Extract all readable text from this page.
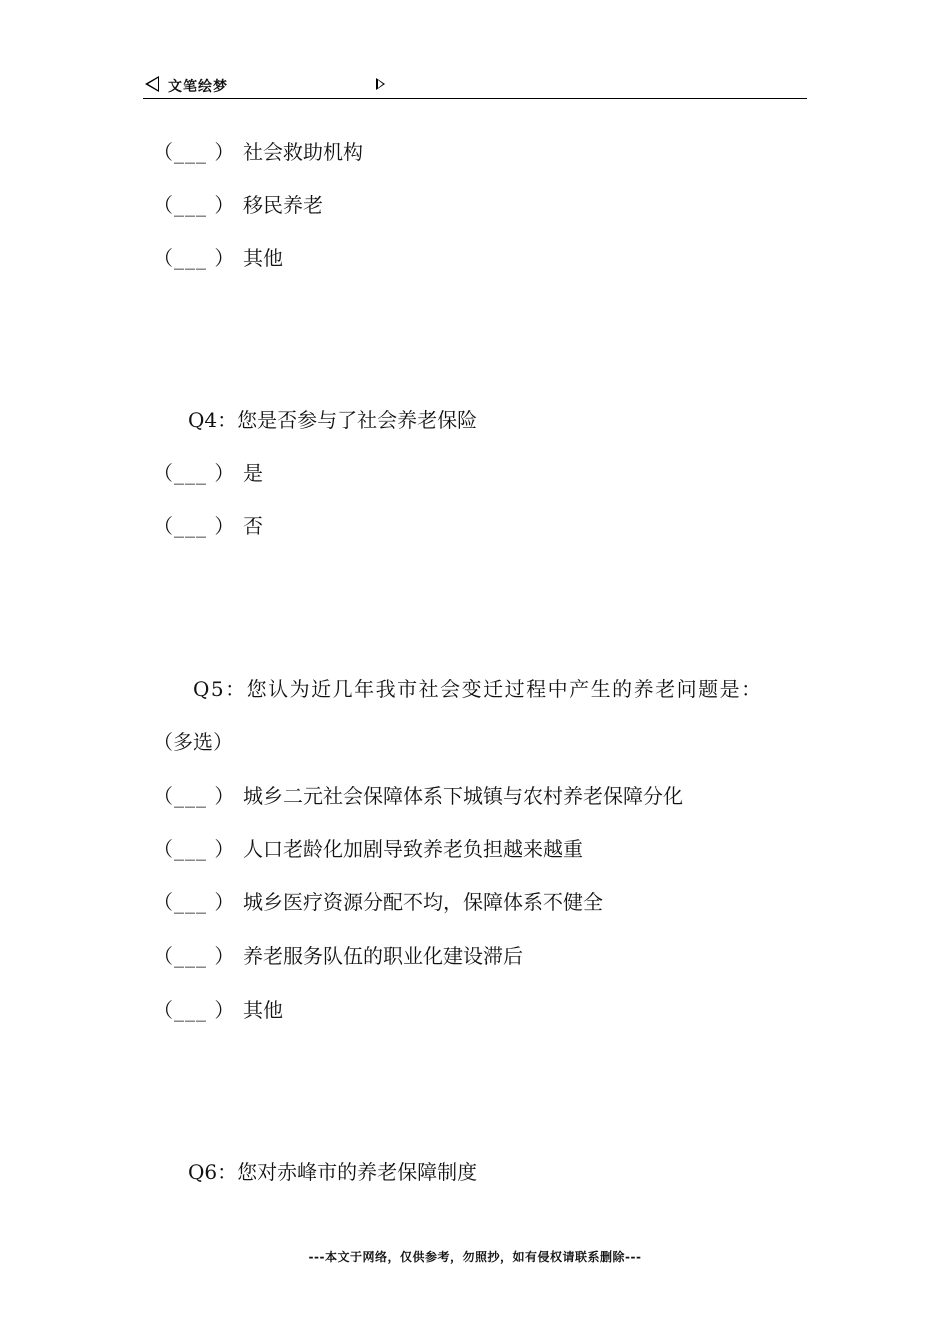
文笔绘梦
（___ ） 社会救助机构
（___ ） 移民养老
（___ ） 其他
Q4：您是否参与了社会养老保险
（___ ） 是
（___ ） 否
Q5：您认为近几年我市社会变迁过程中产生的养老问题是：
（多选）
（___ ） 城乡二元社会保障体系下城镇与农村养老保障分化
（___ ） 人口老龄化加剧导致养老负担越来越重
（___ ） 城乡医疗资源分配不均，保障体系不健全
（___ ） 养老服务队伍的职业化建设滞后
（___ ） 其他
Q6：您对赤峰市的养老保障制度
---本文于网络，仅供参考，勿照抄，如有侵权请联系删除---
